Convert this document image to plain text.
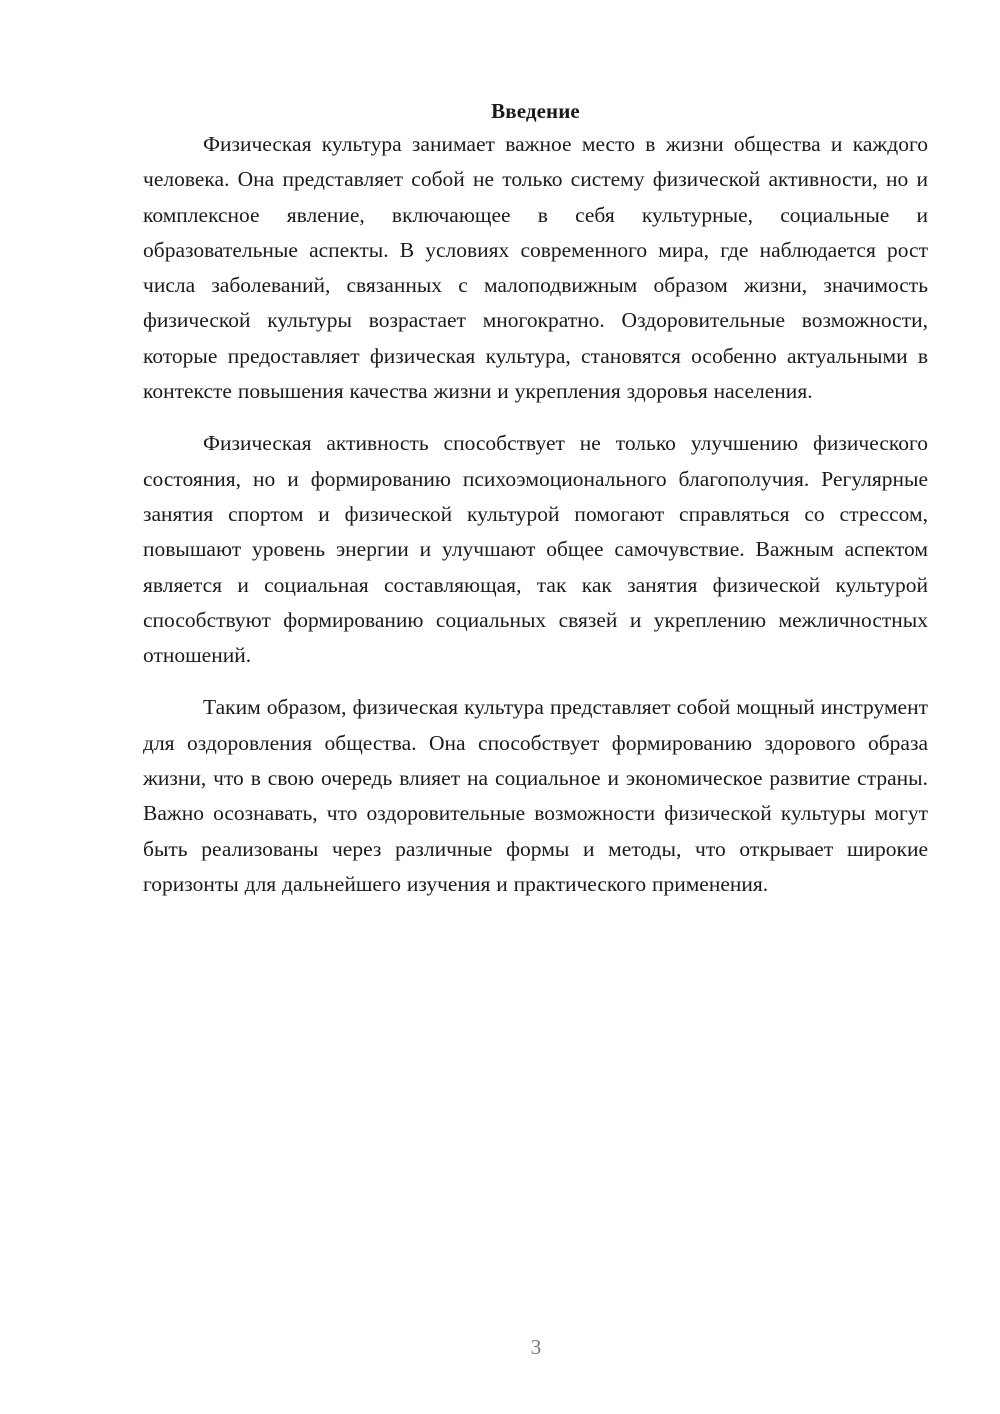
Введение

Физическая культура занимает важное место в жизни общества и каждого человека. Она представляет собой не только систему физической активности, но и комплексное явление, включающее в себя культурные, социальные и образовательные аспекты. В условиях современного мира, где наблюдается рост числа заболеваний, связанных с малоподвижным образом жизни, значимость физической культуры возрастает многократно. Оздоровительные возможности, которые предоставляет физическая культура, становятся особенно актуальными в контексте повышения качества жизни и укрепления здоровья населения.

Физическая активность способствует не только улучшению физического состояния, но и формированию психоэмоционального благополучия. Регулярные занятия спортом и физической культурой помогают справляться со стрессом, повышают уровень энергии и улучшают общее самочувствие. Важным аспектом является и социальная составляющая, так как занятия физической культурой способствуют формированию социальных связей и укреплению межличностных отношений.

Таким образом, физическая культура представляет собой мощный инструмент для оздоровления общества. Она способствует формированию здорового образа жизни, что в свою очередь влияет на социальное и экономическое развитие страны. Важно осознавать, что оздоровительные возможности физической культуры могут быть реализованы через различные формы и методы, что открывает широкие горизонты для дальнейшего изучения и практического применения.

3
